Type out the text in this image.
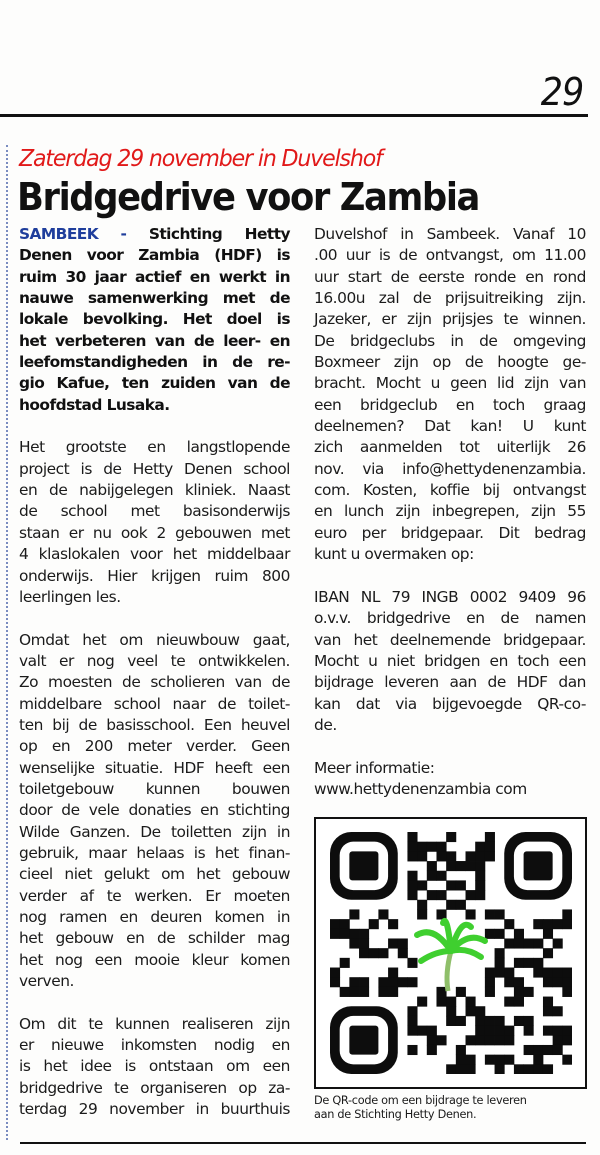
29
Zaterdag 29 november in Duvelshof
Bridgedrive voor Zambia

SAMBEEK - Stichting Hetty
Denen voor Zambia (HDF) is
ruim 30 jaar actief en werkt in
nauwe samenwerking met de
lokale bevolking. Het doel is
het verbeteren van de leer- en
leefomstandigheden in de re-
gio Kafue, ten zuiden van de
hoofdstad Lusaka.

Het grootste en langstlopende
project is de Hetty Denen school
en de nabijgelegen kliniek. Naast
de school met basisonderwijs
staan er nu ook 2 gebouwen met
4 klaslokalen voor het middelbaar
onderwijs. Hier krijgen ruim 800
leerlingen les.

Omdat het om nieuwbouw gaat,
valt er nog veel te ontwikkelen.
Zo moesten de scholieren van de
middelbare school naar de toilet-
ten bij de basisschool. Een heuvel
op en 200 meter verder. Geen
wenselijke situatie. HDF heeft een
toiletgebouw kunnen bouwen
door de vele donaties en stichting
Wilde Ganzen. De toiletten zijn in
gebruik, maar helaas is het finan-
cieel niet gelukt om het gebouw
verder af te werken. Er moeten
nog ramen en deuren komen in
het gebouw en de schilder mag
het nog een mooie kleur komen
verven.

Om dit te kunnen realiseren zijn
er nieuwe inkomsten nodig en
is het idee is ontstaan om een
bridgedrive te organiseren op za-
terdag 29 november in buurthuis

Duvelshof in Sambeek. Vanaf 10
.00 uur is de ontvangst, om 11.00
uur start de eerste ronde en rond
16.00u zal de prijsuitreiking zijn.
Jazeker, er zijn prijsjes te winnen.
De bridgeclubs in de omgeving
Boxmeer zijn op de hoogte ge-
bracht. Mocht u geen lid zijn van
een bridgeclub en toch graag
deelnemen? Dat kan! U kunt
zich aanmelden tot uiterlijk 26
nov. via info@hettydenenzambia.
com. Kosten, koffie bij ontvangst
en lunch zijn inbegrepen, zijn 55
euro per bridgepaar. Dit bedrag
kunt u overmaken op:

IBAN NL 79 INGB 0002 9409 96
o.v.v. bridgedrive en de namen
van het deelnemende bridgepaar.
Mocht u niet bridgen en toch een
bijdrage leveren aan de HDF dan
kan dat via bijgevoegde QR-co-
de.

Meer informatie:
www.hettydenenzambia com

De QR-code om een bijdrage te leveren
aan de Stichting Hetty Denen.
